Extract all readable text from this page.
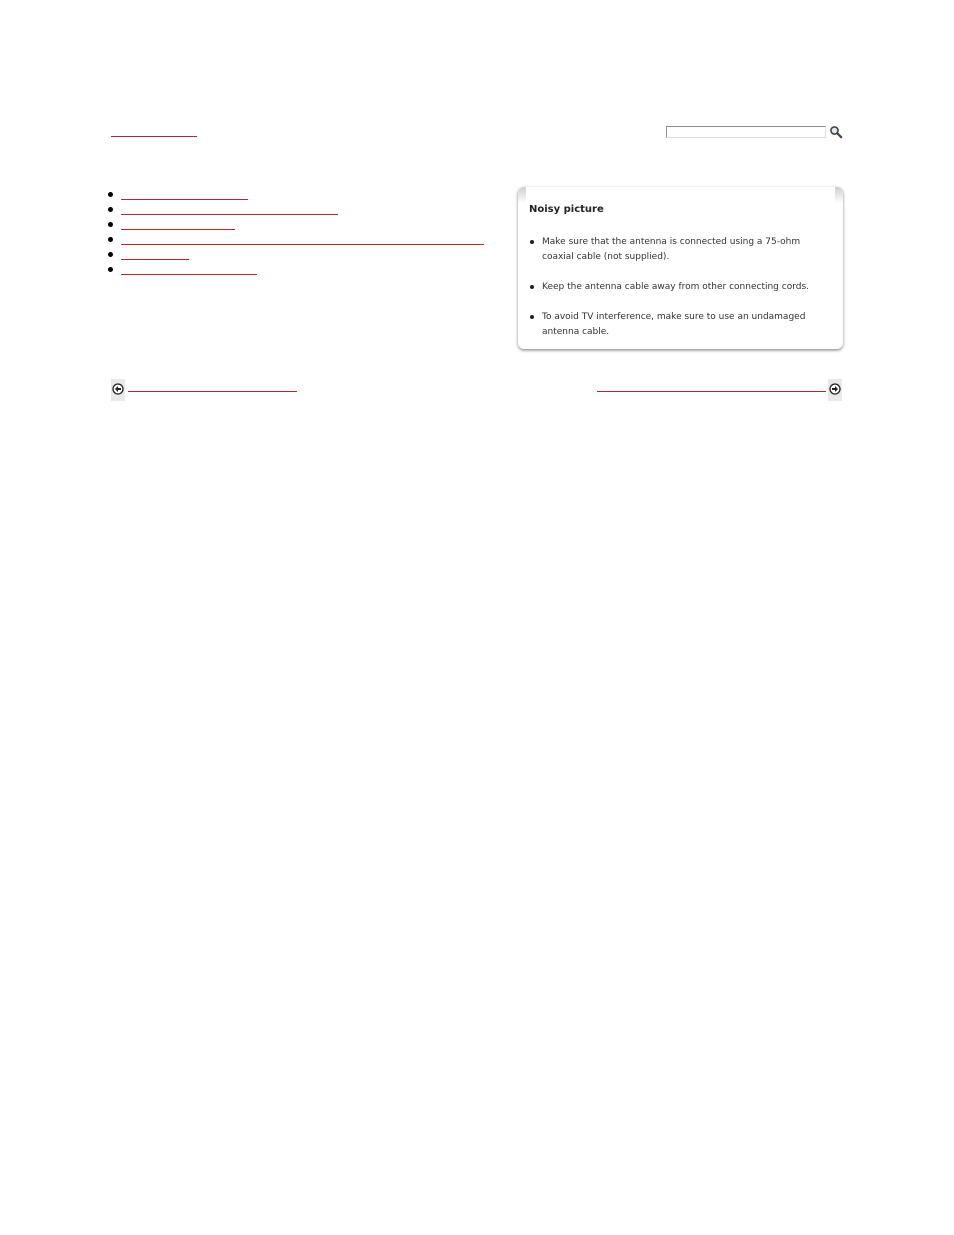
Noisy picture
Make sure that the antenna is connected using a 75-ohm coaxial cable (not supplied).
Keep the antenna cable away from other connecting cords.
To avoid TV interference, make sure to use an undamaged antenna cable.
